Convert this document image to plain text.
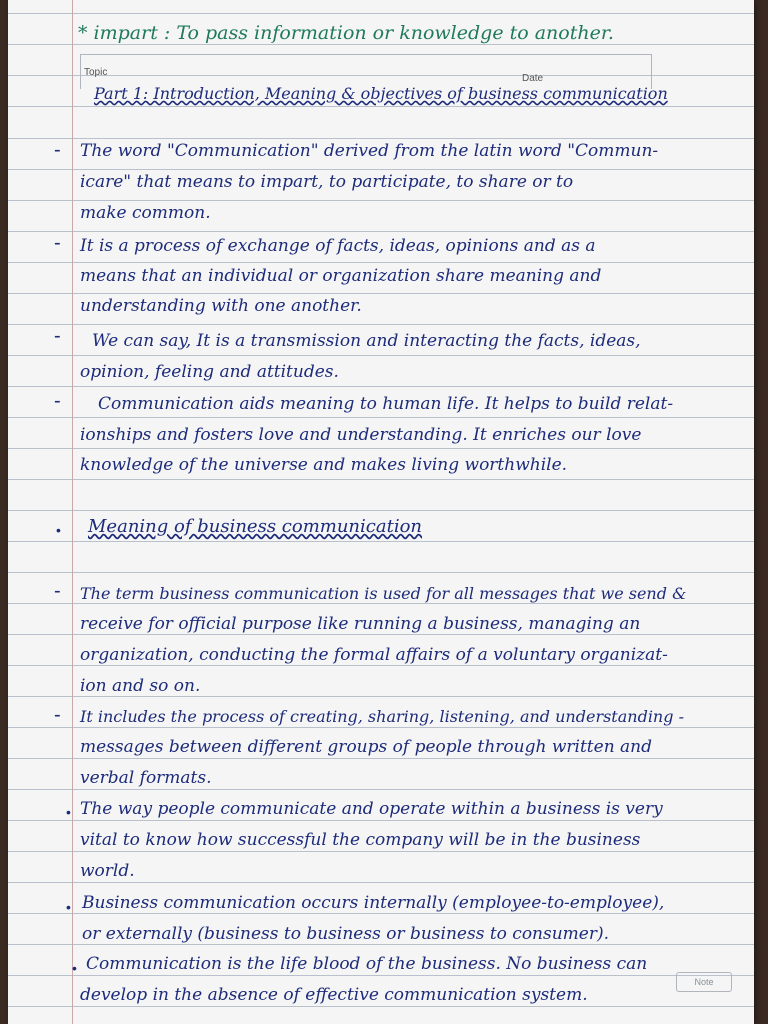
* impart : To pass information or knowledge to another.
Topic
Date
Part 1: Introduction, Meaning & objectives of business communication
- The word "Communication" derived from the latin word "Commun-
icare" that means to impart, to participate, to share or to
make common.
- It is a process of exchange of facts, ideas, opinions and as a
means that an individual or organization share meaning and
understanding with one another.
- We can say, It is a transmission and interacting the facts, ideas,
opinion, feeling and attitudes.
- Communication aids meaning to human life. It helps to build relat-
ionships and fosters love and understanding. It enriches our love
knowledge of the universe and makes living worthwhile.
• Meaning of business communication
- The term business communication is used for all messages that we send &
receive for official purpose like running a business, managing an
organization, conducting the formal affairs of a voluntary organizat-
ion and so on.
- It includes the process of creating, sharing, listening, and understanding -
messages between different groups of people through written and
verbal formats.
• The way people communicate and operate within a business is very
vital to know how successful the company will be in the business
world.
• Business communication occurs internally (employee-to-employee),
or externally (business to business or business to consumer).
• Communication is the life blood of the business. No business can
develop in the absence of effective communication system.
Note
